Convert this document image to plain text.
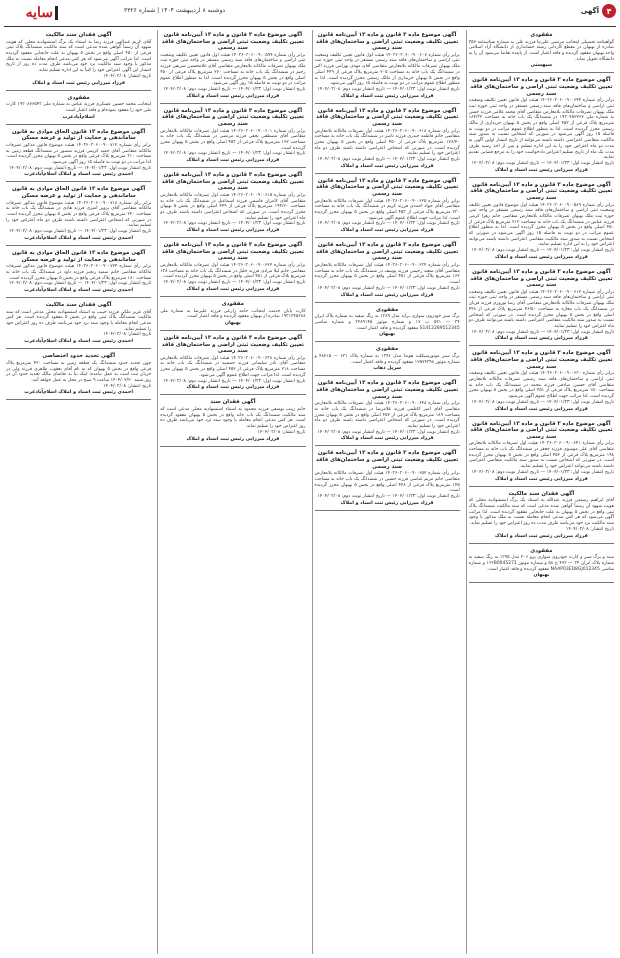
۴
آگهی
دوشنبه ۸ اردیبهشت ۱۴۰۴ | شماره ۳۳۲۶
سایه
مفقودی
گواهینامه تحصیلی اینجانب مرتضی علی‌نیا فرزند علی به شماره شناسنامه ۳۵۷ صادره از بهبهان در مقطع کاردانی رشته حسابداری از دانشگاه آزاد اسلامی واحد بهبهان مفقود گردیده و فاقد اعتبار است. از یابنده تقاضا می‌شود آن را به دانشگاه تحویل نماید.
سپهستی
آگهی موضوع ماده ۳ قانون و ماده ۱۳ آیین‌نامه قانون تعیین تکلیف وضعیت ثبتی اراضی و ساختمان‌های فاقد سند رسمی
برابر رأی شماره ۱۴۰۳۶۰۳۰۶۰۰۹۰۰۶۴۴ هیئت اول قانون تعیین تکلیف وضعیت ثبتی اراضی و ساختمان‌های فاقد سند رسمی مستقر در واحد ثبتی حوزه ثبت ملک بهبهان تصرفات مالکانه بلامعارض متقاضی آقای محمد غلامی فرزند حسن به شماره ملی ۱۹۳۰۴۵۲۲۶۷ در ششدانگ یک باب خانه به مساحت ۱۸۴/۳۲ مترمربع پلاک فرعی از ۴۵۲ اصلی واقع در بخش ۵ بهبهان خریداری از مالک رسمی محرز گردیده است. لذا به منظور اطلاع عموم مراتب در دو نوبت به فاصله ۱۵ روز آگهی می‌شود در صورتی که اشخاص نسبت به صدور سند مالکیت متقاضی اعتراضی داشته باشند می‌توانند از تاریخ انتشار اولین آگهی به مدت دو ماه اعتراض خود را به این اداره تسلیم و پس از اخذ رسید ظرف مدت یک ماه از تاریخ تسلیم اعتراض دادخواست خود را به مرجع قضایی تقدیم نمایند.
تاریخ انتشار نوبت اول: ۱۴۰۴/۰۱/۲۳ — تاریخ انتشار نوبت دوم: ۱۴۰۴/۰۲/۰۸
فرزاد میرزایی رئیس ثبت اسناد و املاک
آگهی موضوع ماده ۳ قانون و ماده ۱۳ آیین‌نامه قانون تعیین تکلیف وضعیت ثبتی اراضی و ساختمان‌های فاقد سند رسمی
برابر رأی شماره ۱۴۰۳۶۰۳۰۶۰۰۹۰۰۵۸۹ هیئت اول موضوع قانون تعیین تکلیف وضعیت ثبتی اراضی و ساختمان‌های فاقد سند رسمی مستقر در واحد ثبتی حوزه ثبت ملک بهبهان تصرفات مالکانه بلامعارض متقاضی خانم زهرا کرمی فرزند عباس در ششدانگ یک باب خانه به مساحت ۲۱۲ مترمربع پلاک فرعی از ۴۵۰ اصلی واقع در بخش ۵ بهبهان محرز گردیده است. لذا به منظور اطلاع عموم مراتب در دو نوبت به فاصله ۱۵ روز آگهی می‌شود در صورتی که اشخاص نسبت به صدور سند مالکیت متقاضی اعتراضی داشته باشند می‌توانند اعتراض خود را به این اداره تسلیم نمایند.
تاریخ انتشار نوبت اول: ۱۴۰۴/۰۱/۲۳ — تاریخ انتشار نوبت دوم: ۱۴۰۴/۰۲/۰۸
فرزاد میرزایی رئیس ثبت اسناد و املاک
آگهی موضوع ماده ۳ قانون و ماده ۱۳ آیین‌نامه قانون تعیین تکلیف وضعیت ثبتی اراضی و ساختمان‌های فاقد سند رسمی
برابر رأی شماره ۱۴۰۳۶۰۳۰۶۰۰۹۰۰۶۱۲ هیئت اول قانون تعیین تکلیف وضعیت ثبتی اراضی و ساختمان‌های فاقد سند رسمی مستقر در واحد ثبتی حوزه ثبت ملک بهبهان تصرفات مالکانه بلامعارض متقاضی آقای رضا نوروزی فرزند قربان در ششدانگ یک باب مغازه به مساحت ۴۶/۵۰ مترمربع پلاک فرعی از ۴۴۸ اصلی واقع در بخش ۵ بهبهان محرز گردیده است. در صورتی که اشخاص نسبت به صدور سند مالکیت متقاضی اعتراضی داشته باشند می‌توانند ظرف دو ماه اعتراض خود را تسلیم نمایند.
تاریخ انتشار نوبت اول: ۱۴۰۴/۰۱/۲۳ — تاریخ انتشار نوبت دوم: ۱۴۰۴/۰۲/۰۸
فرزاد میرزایی رئیس ثبت اسناد و املاک
آگهی موضوع ماده ۳ قانون و ماده ۱۳ آیین‌نامه قانون تعیین تکلیف وضعیت ثبتی اراضی و ساختمان‌های فاقد سند رسمی
برابر رأی شماره ۱۴۰۳۶۰۳۰۶۰۰۹۰۰۶۳۰ هیئت اول قانون تعیین تکلیف وضعیت ثبتی اراضی و ساختمان‌های فاقد سند رسمی تصرفات مالکانه بلامعارض متقاضی آقای حسین صادقی فرزند محمد در ششدانگ یک باب خانه به مساحت ۱۵۰ مترمربع پلاک فرعی از ۴۵۱ اصلی واقع در بخش ۵ بهبهان محرز گردیده است. لذا مراتب جهت اطلاع عموم آگهی می‌شود.
تاریخ انتشار نوبت اول: ۱۴۰۴/۰۱/۲۳ — تاریخ انتشار نوبت دوم: ۱۴۰۴/۰۲/۰۸
فرزاد میرزایی رئیس ثبت اسناد و املاک
آگهی موضوع ماده ۳ قانون و ماده ۱۳ آیین‌نامه قانون تعیین تکلیف وضعیت ثبتی اراضی و ساختمان‌های فاقد سند رسمی
برابر رأی شماره ۱۴۰۳۶۰۳۰۶۰۰۹۰۰۶۴۱ هیئت اول تصرفات مالکانه بلامعارض متقاضی آقای علی موسوی فرزند جعفر در ششدانگ یک باب خانه به مساحت ۱۹۸ مترمربع پلاک فرعی از ۴۵۲ اصلی واقع در بخش ۵ بهبهان محرز گردیده است. در صورتی که اشخاص نسبت به صدور سند مالکیت متقاضی اعتراضی داشته باشند می‌توانند اعتراض خود را تسلیم نمایند.
تاریخ انتشار نوبت اول: ۱۴۰۴/۰۱/۲۳ — تاریخ انتشار نوبت دوم: ۱۴۰۴/۰۲/۰۸
فرزاد میرزایی رئیس ثبت اسناد و املاک
آگهی فقدان سند مالکیت
آقای ابراهیم رستمی فرزند عبدالله به استناد یک برگ استشهادیه محلی که هویت شهود آن رسماً گواهی شده مدعی است که سند مالکیت ششدانگ پلاک ثبتی واقع در بخش ۵ بهبهان به علت جابجایی مفقود گردیده است. لذا مراتب آگهی می‌شود که هر کس مدعی انجام معامله نسبت به ملک مذکور یا وجود سند مالکیت نزد خود می‌باشد ظرف مدت ده روز اعتراض خود را تسلیم نماید.
تاریخ انتشار: ۱۴۰۴/۰۲/۰۸
فرزاد میرزایی رئیس ثبت اسناد و املاک
مفقودی
سند و برگ سبز و کارت خودروی سواری پژو ۲۰۶ مدل ۱۳۹۵ به رنگ سفید به شماره پلاک ایران ۳۴ — ۴۷۳ ج ۵۸ و شماره موتور ۱۶۳B0045271 و شماره شاسی NAAP03ED8GJ012345 مفقود گردیده و فاقد اعتبار است.
بهبهان
آگهی موضوع ماده ۳ قانون و ماده ۱۳ آیین‌نامه قانون تعیین تکلیف وضعیت ثبتی اراضی و ساختمان‌های فاقد سند رسمی
برابر رأی شماره ۱۴۰۳۶۰۳۰۶۰۰۹۰۰۶۰۷ هیئت اول قانون تعیین تکلیف وضعیت ثبتی اراضی و ساختمان‌های فاقد سند رسمی مستقر در واحد ثبتی حوزه ثبت ملک بهبهان تصرفات مالکانه بلامعارض متقاضی آقای مهدی بهرامی فرزند اکبر در ششدانگ یک باب خانه به مساحت ۲۰۵ مترمربع پلاک فرعی از ۴۴۹ اصلی واقع در بخش ۵ بهبهان خریداری از مالک رسمی محرز گردیده است. لذا به منظور اطلاع عموم مراتب در دو نوبت به فاصله ۱۵ روز آگهی می‌شود.
تاریخ انتشار نوبت اول: ۱۴۰۴/۰۱/۲۳ — تاریخ انتشار نوبت دوم: ۱۴۰۴/۰۲/۰۸
فرزاد میرزایی رئیس ثبت اسناد و املاک
آگهی موضوع ماده ۳ قانون و ماده ۱۳ آیین‌نامه قانون تعیین تکلیف وضعیت ثبتی اراضی و ساختمان‌های فاقد سند رسمی
برابر رأی شماره ۱۴۰۳۶۰۳۰۶۰۰۹۰۰۶۱۸ هیئت اول تصرفات مالکانه بلامعارض متقاضی خانم فاطمه حیدری فرزند ناصر در ششدانگ یک باب خانه به مساحت ۱۷۶/۴۰ مترمربع پلاک فرعی از ۴۵۰ اصلی واقع در بخش ۵ بهبهان محرز گردیده است. در صورتی که اشخاص اعتراضی داشته باشند ظرف دو ماه اعتراض خود را تسلیم نمایند.
تاریخ انتشار نوبت اول: ۱۴۰۴/۰۱/۲۳ — تاریخ انتشار نوبت دوم: ۱۴۰۴/۰۲/۰۸
فرزاد میرزایی رئیس ثبت اسناد و املاک
آگهی موضوع ماده ۳ قانون و ماده ۱۳ آیین‌نامه قانون تعیین تکلیف وضعیت ثبتی اراضی و ساختمان‌های فاقد سند رسمی
برابر رأی شماره ۱۴۰۳۶۰۳۰۶۰۰۹۰۰۶۲۵ هیئت اول تصرفات مالکانه بلامعارض متقاضی آقای جواد احمدی فرزند کریم در ششدانگ یک باب خانه به مساحت ۲۳۰ مترمربع پلاک فرعی از ۴۵۳ اصلی واقع در بخش ۵ بهبهان محرز گردیده است. لذا مراتب جهت اطلاع عموم آگهی می‌شود.
تاریخ انتشار نوبت اول: ۱۴۰۴/۰۱/۲۳ — تاریخ انتشار نوبت دوم: ۱۴۰۴/۰۲/۰۸
فرزاد میرزایی رئیس ثبت اسناد و املاک
آگهی موضوع ماده ۳ قانون و ماده ۱۳ آیین‌نامه قانون تعیین تکلیف وضعیت ثبتی اراضی و ساختمان‌های فاقد سند رسمی
برابر رأی شماره ۱۴۰۳۶۰۳۰۶۰۰۹۰۰۶۳۴ هیئت اول تصرفات مالکانه بلامعارض متقاضی آقای سعید رحیمی فرزند یوسف در ششدانگ یک باب خانه به مساحت ۱۶۲ مترمربع پلاک فرعی از ۴۵۱ اصلی واقع در بخش ۵ بهبهان محرز گردیده است.
تاریخ انتشار نوبت اول: ۱۴۰۴/۰۱/۲۳ — تاریخ انتشار نوبت دوم: ۱۴۰۴/۰۲/۰۸
فرزاد میرزایی رئیس ثبت اسناد و املاک
مفقودی
برگ سبز خودروی سواری پراید مدل ۱۳۸۹ به رنگ سفید به شماره پلاک ایران ۳۴ — ۵۲۱ ب ۱۷ و شماره موتور ۳۲۸۹۱۴۵ و شماره شاسی S1412289512345 مفقود گردیده و فاقد اعتبار است.
بهبهان
مفقودی
برگ سبز موتورسیکلت هوندا مدل ۱۳۹۶ به شماره پلاک ۶۳۱ — ۴۸۲۱۵ و شماره موتور ۱۲۵۷۴۳۹۸ مفقود گردیده و فاقد اعتبار است.
سرپل ذهاب
آگهی موضوع ماده ۳ قانون و ماده ۱۳ آیین‌نامه قانون تعیین تکلیف وضعیت ثبتی اراضی و ساختمان‌های فاقد سند رسمی
برابر رأی شماره ۱۴۰۳۶۰۳۰۶۰۰۹۰۰۶۴۸ هیئت اول تصرفات مالکانه بلامعارض متقاضی آقای امیر کاظمی فرزند غلامرضا در ششدانگ یک باب خانه به مساحت ۱۸۹ مترمربع پلاک فرعی از ۴۵۲ اصلی واقع در بخش ۵ بهبهان محرز گردیده است. در صورتی که اشخاص اعتراضی داشته باشند ظرف دو ماه اعتراض خود را تسلیم نمایند.
تاریخ انتشار نوبت اول: ۱۴۰۴/۰۱/۲۳ — تاریخ انتشار نوبت دوم: ۱۴۰۴/۰۲/۰۸
فرزاد میرزایی رئیس ثبت اسناد و املاک
آگهی موضوع ماده ۳ قانون و ماده ۱۳ آیین‌نامه قانون تعیین تکلیف وضعیت ثبتی اراضی و ساختمان‌های فاقد سند رسمی
برابر رأی شماره ۱۴۰۳۶۰۳۰۶۰۰۹۰۰۶۵۲ هیئت اول تصرفات مالکانه بلامعارض متقاضی خانم مریم عباسی فرزند حسین در ششدانگ یک باب خانه به مساحت ۱۴۵ مترمربع پلاک فرعی از ۴۴۸ اصلی واقع در بخش ۵ بهبهان محرز گردیده است.
تاریخ انتشار نوبت اول: ۱۴۰۴/۰۱/۲۳ — تاریخ انتشار نوبت دوم: ۱۴۰۴/۰۲/۰۸
فرزاد میرزایی رئیس ثبت اسناد و املاک
آگهی موضوع ماده ۳ قانون و ماده ۱۳ آیین‌نامه قانون تعیین تکلیف وضعیت ثبتی اراضی و ساختمان‌های فاقد سند رسمی
برابر رأی شماره ۱۴۰۳۶۰۳۰۶۰۰۹۰۰۵۹۴ هیئت اول قانون تعیین تکلیف وضعیت ثبتی اراضی و ساختمان‌های فاقد سند رسمی مستقر در واحد ثبتی حوزه ثبت ملک بهبهان تصرفات مالکانه بلامعارض متقاضی آقای غلامحسین شریفی فرزند رحیم در ششدانگ یک باب خانه به مساحت ۲۶۰ مترمربع پلاک فرعی از ۴۵۰ اصلی واقع در بخش ۵ بهبهان محرز گردیده است. لذا به منظور اطلاع عموم مراتب در دو نوبت به فاصله ۱۵ روز آگهی می‌شود.
تاریخ انتشار نوبت اول: ۱۴۰۴/۰۱/۲۳ — تاریخ انتشار نوبت دوم: ۱۴۰۴/۰۲/۰۸
فرزاد میرزایی رئیس ثبت اسناد و املاک
آگهی موضوع ماده ۳ قانون و ماده ۱۳ آیین‌نامه قانون تعیین تکلیف وضعیت ثبتی اراضی و ساختمان‌های فاقد سند رسمی
برابر رأی شماره ۱۴۰۳۶۰۳۰۶۰۰۹۰۰۶۰۱ هیئت اول تصرفات مالکانه بلامعارض متقاضی آقای مصطفی نجفی فرزند مرتضی در ششدانگ یک باب خانه به مساحت ۱۷۲ مترمربع پلاک فرعی از ۴۵۳ اصلی واقع در بخش ۵ بهبهان محرز گردیده است.
تاریخ انتشار نوبت اول: ۱۴۰۴/۰۱/۲۳ — تاریخ انتشار نوبت دوم: ۱۴۰۴/۰۲/۰۸
فرزاد میرزایی رئیس ثبت اسناد و املاک
آگهی موضوع ماده ۳ قانون و ماده ۱۳ آیین‌نامه قانون تعیین تکلیف وضعیت ثبتی اراضی و ساختمان‌های فاقد سند رسمی
برابر رأی شماره ۱۴۰۳۶۰۳۰۶۰۰۹۰۰۶۱۵ هیئت اول تصرفات مالکانه بلامعارض متقاضی آقای کامران قاسمی فرزند اسماعیل در ششدانگ یک باب خانه به مساحت ۱۹۴/۶۰ مترمربع پلاک فرعی از ۴۴۹ اصلی واقع در بخش ۵ بهبهان محرز گردیده است. در صورتی که اشخاص اعتراضی داشته باشند ظرف دو ماه اعتراض خود را تسلیم نمایند.
تاریخ انتشار نوبت اول: ۱۴۰۴/۰۱/۲۳ — تاریخ انتشار نوبت دوم: ۱۴۰۴/۰۲/۰۸
فرزاد میرزایی رئیس ثبت اسناد و املاک
آگهی موضوع ماده ۳ قانون و ماده ۱۳ آیین‌نامه قانون تعیین تکلیف وضعیت ثبتی اراضی و ساختمان‌های فاقد سند رسمی
برابر رأی شماره ۱۴۰۳۶۰۳۰۶۰۰۹۰۰۶۲۲ هیئت اول تصرفات مالکانه بلامعارض متقاضی خانم لیلا مرادی فرزند خلیل در ششدانگ یک باب خانه به مساحت ۱۳۸ مترمربع پلاک فرعی از ۴۵۱ اصلی واقع در بخش ۵ بهبهان محرز گردیده است.
تاریخ انتشار نوبت اول: ۱۴۰۴/۰۱/۲۳ — تاریخ انتشار نوبت دوم: ۱۴۰۴/۰۲/۰۸
فرزاد میرزایی رئیس ثبت اسناد و املاک
مفقودی
کارت پایان خدمت اینجانب حامد زارعی فرزند علیرضا به شماره ملی ۱۹۳۱۲۴۵۶۷۸ صادره از بهبهان مفقود گردیده و فاقد اعتبار است.
بهبهان
آگهی موضوع ماده ۳ قانون و ماده ۱۳ آیین‌نامه قانون تعیین تکلیف وضعیت ثبتی اراضی و ساختمان‌های فاقد سند رسمی
برابر رأی شماره ۱۴۰۳۶۰۳۰۶۰۰۹۰۰۶۳۸ هیئت اول تصرفات مالکانه بلامعارض متقاضی آقای نادر سلیمانی فرزند جمشید در ششدانگ یک باب خانه به مساحت ۲۱۸ مترمربع پلاک فرعی از ۴۵۲ اصلی واقع در بخش ۵ بهبهان محرز گردیده است. لذا مراتب جهت اطلاع عموم آگهی می‌شود.
تاریخ انتشار نوبت اول: ۱۴۰۴/۰۱/۲۳ — تاریخ انتشار نوبت دوم: ۱۴۰۴/۰۲/۰۸
فرزاد میرزایی رئیس ثبت اسناد و املاک
آگهی فقدان سند
خانم زینب یوسفی فرزند محمود به استناد استشهادیه محلی مدعی است که سند مالکیت ششدانگ یک باب خانه واقع در بخش ۵ بهبهان مفقود گردیده است. هر کس مدعی انجام معامله یا وجود سند نزد خود می‌باشد ظرف ده روز اعتراض خود را تسلیم نماید.
تاریخ انتشار: ۱۴۰۴/۰۲/۰۸
فرزاد میرزایی رئیس ثبت اسناد و املاک
آگهی فقدان سند مالکیت
آقای کریم عبدالهی فرزند رضا به استناد یک برگ استشهادیه محلی که هویت شهود آن رسماً گواهی شده مدعی است که سند مالکیت ششدانگ پلاک ثبتی فرعی از ۴۵۰ اصلی واقع در بخش ۵ بهبهان به علت جابجایی مفقود گردیده است. لذا مراتب آگهی می‌شود که هر کس مدعی انجام معامله نسبت به ملک مذکور یا وجود سند مالکیت نزد خود می‌باشد ظرف مدت ده روز از تاریخ انتشار این آگهی اعتراض خود را کتباً به این اداره تسلیم نماید.
تاریخ انتشار: ۱۴۰۴/۰۲/۰۸
فرزاد میرزایی رئیس ثبت اسناد و املاک
مفقودی
اینجانب محمد حسین عسکری فرزند عباس به شماره ملی ۱۹۳۰۸۷۶۵۴۳ کارت ملی خود را مفقود نموده‌ام و فاقد اعتبار است.
اسلام‌آبادغرب
آگهی موضوع ماده ۱۳ قانون الحاق موادی به قانون ساماندهی و حمایت از تولید و عرضه مسکن
برابر رأی شماره ۱۴۰۳۶۰۳۰۶۰۰۹۰۰۷۱۲ هیئت موضوع قانون مذکور تصرفات مالکانه متقاضی آقای حمید کریمی فرزند منصور در ششدانگ قطعه زمین به مساحت ۳۱۰ مترمربع پلاک فرعی واقع در بخش ۵ بهبهان محرز گردیده است. لذا مراتب در دو نوبت به فاصله ۱۵ روز آگهی می‌شود.
تاریخ انتشار نوبت اول: ۱۴۰۴/۰۱/۲۳ — تاریخ انتشار نوبت دوم: ۱۴۰۴/۰۲/۰۸
احمدی رئیس ثبت اسناد و املاک اسلام‌آبادغرب
آگهی موضوع ماده ۱۳ قانون الحاق موادی به قانون ساماندهی و حمایت از تولید و عرضه مسکن
برابر رأی شماره ۱۴۰۳۶۰۳۰۶۰۰۹۰۰۷۱۸ هیئت موضوع قانون مذکور تصرفات مالکانه متقاضی آقای پرویز امیری فرزند هادی در ششدانگ یک باب خانه به مساحت ۲۴۰ مترمربع پلاک فرعی واقع در بخش ۵ بهبهان محرز گردیده است. در صورتی که اشخاص اعتراضی داشته باشند ظرف دو ماه اعتراض خود را تسلیم نمایند.
تاریخ انتشار نوبت اول: ۱۴۰۴/۰۱/۲۳ — تاریخ انتشار نوبت دوم: ۱۴۰۴/۰۲/۰۸
احمدی رئیس ثبت اسناد و املاک اسلام‌آبادغرب
آگهی موضوع ماده ۱۳ قانون الحاق موادی به قانون ساماندهی و حمایت از تولید و عرضه مسکن
برابر رأی شماره ۱۴۰۳۶۰۳۰۶۰۰۹۰۰۷۲۴ هیئت موضوع قانون مذکور تصرفات مالکانه متقاضی خانم سمیه رنجبر فرزند داود در ششدانگ یک باب خانه به مساحت ۱۸۰ مترمربع پلاک فرعی واقع در بخش ۵ بهبهان محرز گردیده است.
تاریخ انتشار نوبت اول: ۱۴۰۴/۰۱/۲۳ — تاریخ انتشار نوبت دوم: ۱۴۰۴/۰۲/۰۸
احمدی رئیس ثبت اسناد و املاک اسلام‌آبادغرب
آگهی فقدان سند مالکیت
آقای عزیز ملکی فرزند حبیب به استناد استشهادیه محلی مدعی است که سند مالکیت ششدانگ پلاک ثبتی واقع در بخش ۵ مفقود گردیده است. هر کس مدعی انجام معامله یا وجود سند نزد خود می‌باشد ظرف ده روز اعتراض خود را تسلیم نماید.
تاریخ انتشار: ۱۴۰۴/۰۲/۰۸
احمدی رئیس ثبت اسناد و املاک اسلام‌آبادغرب
آگهی تحدید حدود اختصاصی
چون تحدید حدود ششدانگ یک قطعه زمین به مساحت ۴۲۰ مترمربع پلاک فرعی واقع در بخش ۵ بهبهان که به نام آقای یعقوب طاهری فرزند ولی در جریان ثبت است به عمل نیامده، اینک بنا به تقاضای مالک تحدید حدود آن در روز شنبه ۱۴۰۴/۰۲/۲۰ ساعت ۹ صبح در محل به عمل خواهد آمد.
تاریخ انتشار: ۱۴۰۴/۰۲/۰۸
احمدی رئیس ثبت اسناد و املاک اسلام‌آبادغرب
